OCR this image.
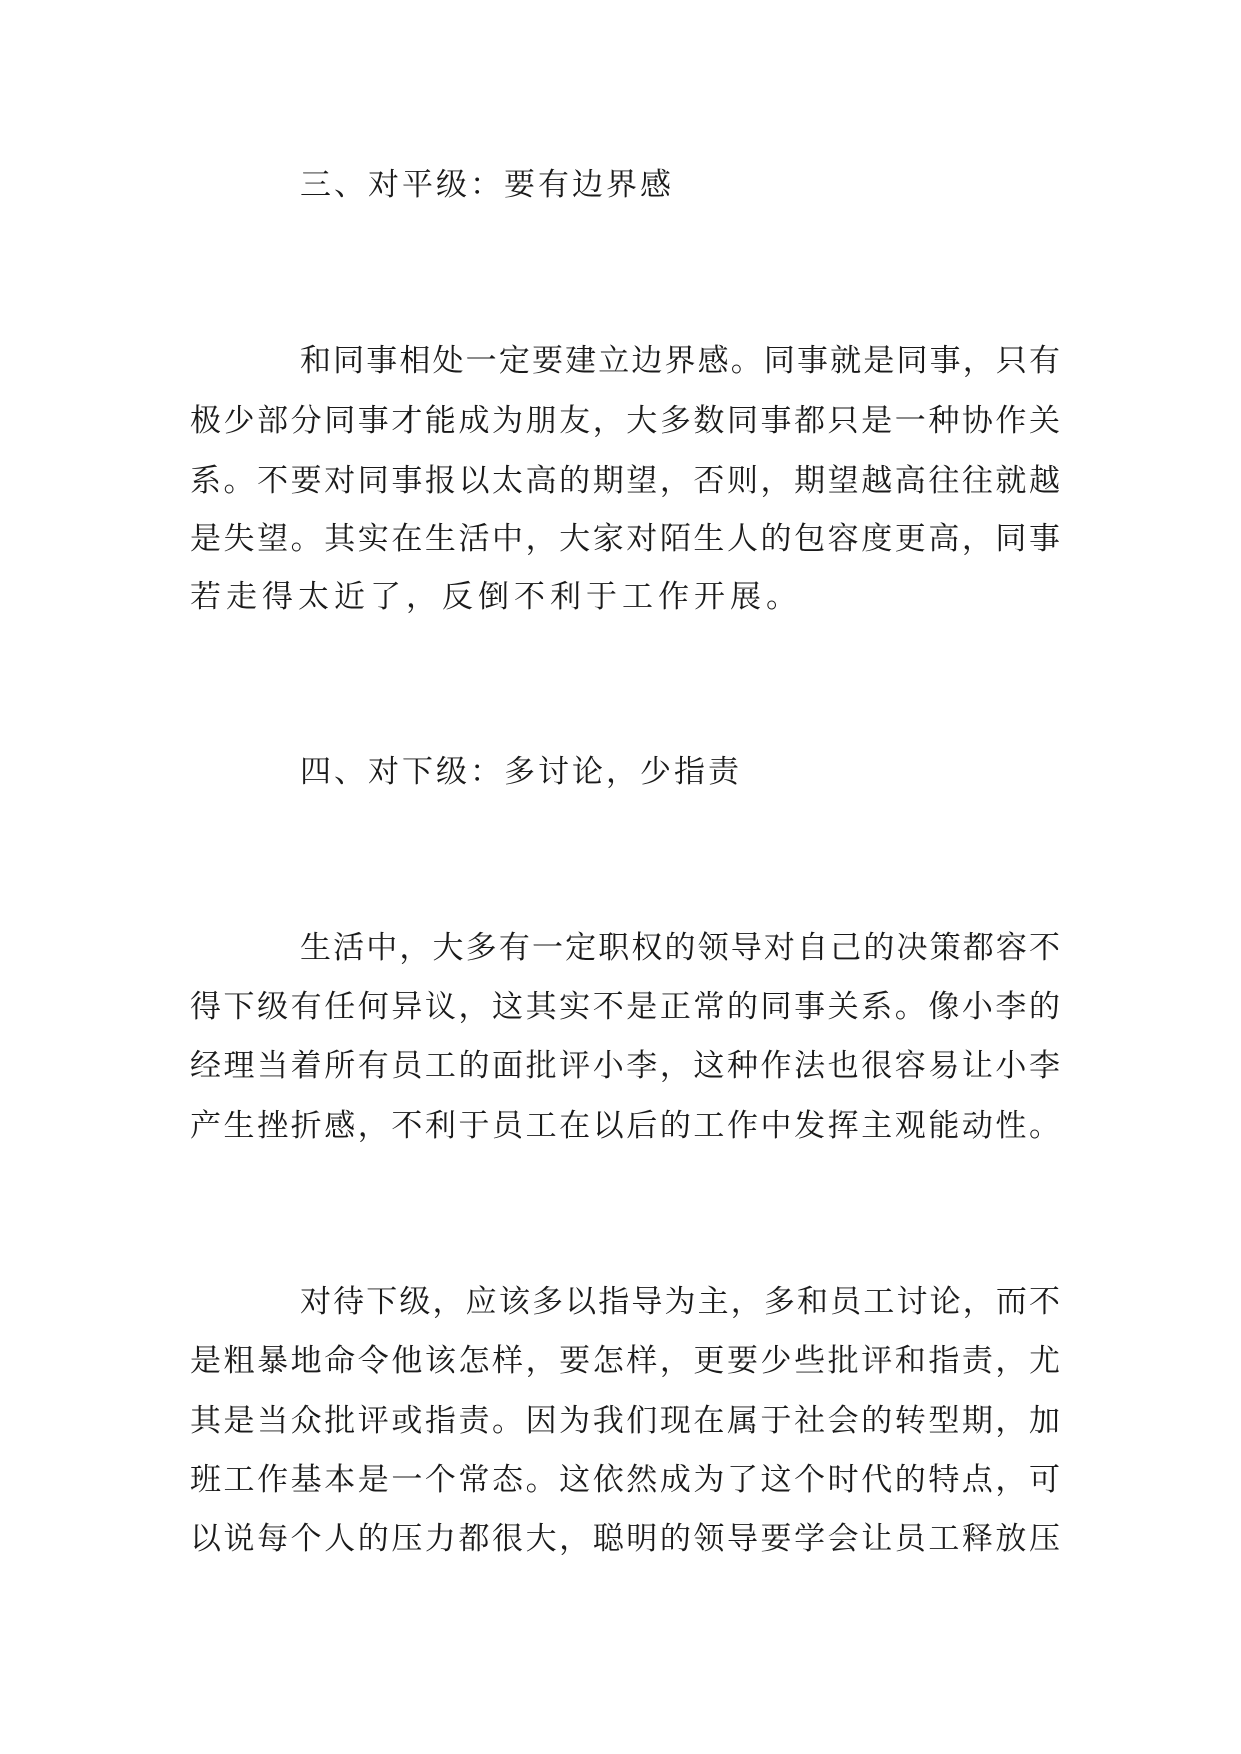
三、对平级：要有边界感
和同事相处一定要建立边界感。同事就是同事，只有
极少部分同事才能成为朋友，大多数同事都只是一种协作关
系。不要对同事报以太高的期望，否则，期望越高往往就越
是失望。其实在生活中，大家对陌生人的包容度更高，同事
若走得太近了，反倒不利于工作开展。
四、对下级：多讨论，少指责
生活中，大多有一定职权的领导对自己的决策都容不
得下级有任何异议，这其实不是正常的同事关系。像小李的
经理当着所有员工的面批评小李，这种作法也很容易让小李
产生挫折感，不利于员工在以后的工作中发挥主观能动性。
对待下级，应该多以指导为主，多和员工讨论，而不
是粗暴地命令他该怎样，要怎样，更要少些批评和指责，尤
其是当众批评或指责。因为我们现在属于社会的转型期，加
班工作基本是一个常态。这依然成为了这个时代的特点，可
以说每个人的压力都很大，聪明的领导要学会让员工释放压
